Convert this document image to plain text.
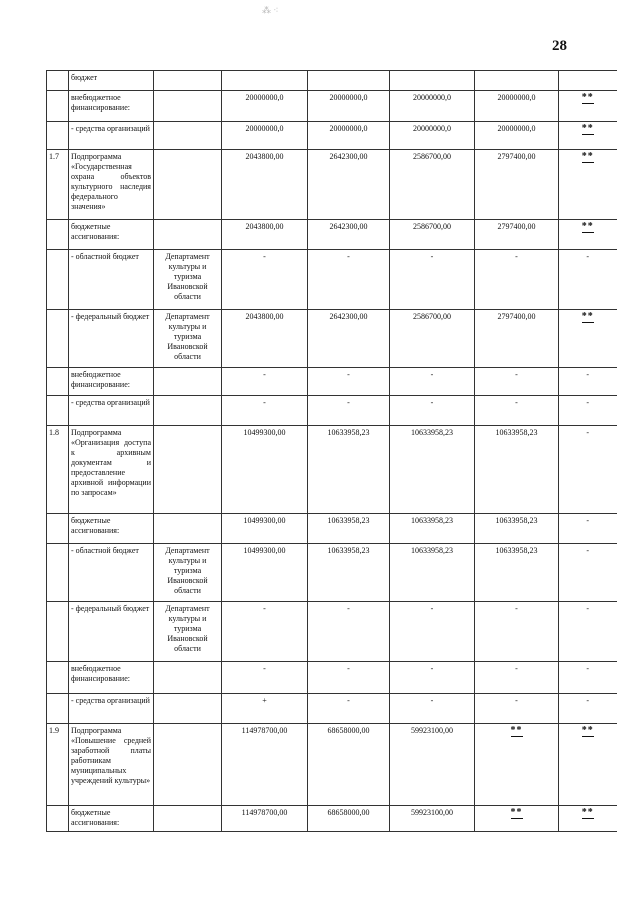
⁂ ⁖
28
	бюджет						
	внебюджетное финансирование:		20000000,0	20000000,0	20000000,0	20000000,0	**
	- средства организаций		20000000,0	20000000,0	20000000,0	20000000,0	**
1.7	Подпрограмма «Государственная охрана объектов культурного наследия федерального значения»		2043800,00	2642300,00	2586700,00	2797400,00	**
	бюджетные ассигнования:		2043800,00	2642300,00	2586700,00	2797400,00	**
	- областной бюджет	Департамент культуры и туризма Ивановской области	-	-	-	-	-
	- федеральный бюджет	Департамент культуры и туризма Ивановской области	2043800,00	2642300,00	2586700,00	2797400,00	**
	внебюджетное финансирование:		-	-	-	-	-
	- средства организаций		-	-	-	-	-
1.8	Подпрограмма «Организация доступа к архивным документам и предоставление архивной информации по запросам»		10499300,00	10633958,23	10633958,23	10633958,23	-
	бюджетные ассигнования:		10499300,00	10633958,23	10633958,23	10633958,23	-
	- областной бюджет	Департамент культуры и туризма Ивановской области	10499300,00	10633958,23	10633958,23	10633958,23	-
	- федеральный бюджет	Департамент культуры и туризма Ивановской области	-	-	-	-	-
	внебюджетное финансирование:		-	-	-	-	-
	- средства организаций		+	-	-	-	-
1.9	Подпрограмма «Повышение средней заработной платы работникам муниципальных учреждений культуры»		114978700,00	68658000,00	59923100,00	**	**
	бюджетные ассигнования:		114978700,00	68658000,00	59923100,00	**	**
